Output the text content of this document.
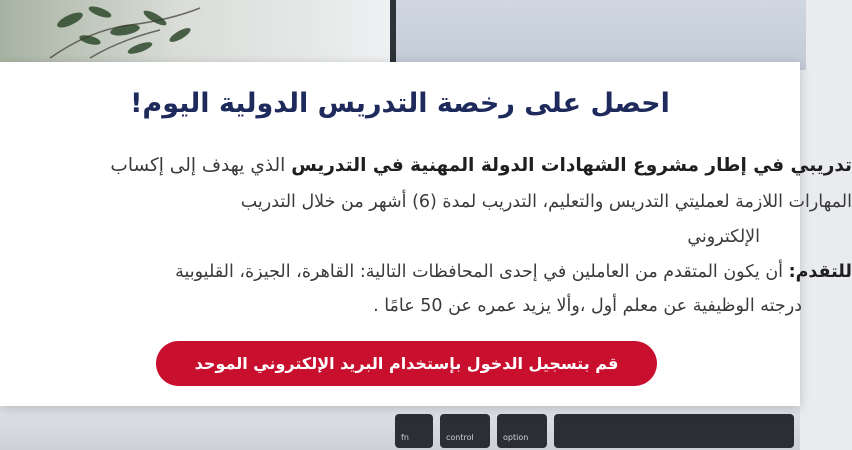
fn	control	option
احصل على رخصة التدريس الدولية اليوم!
تدريبي في إطار مشروع الشهادات الدولة المهنية في التدريس الذي يهدف إلى إكساب
المهارات اللازمة لعمليتي التدريس والتعليم، التدريب لمدة (6) أشهر من خلال التدريب
الإلكتروني
للتقدم: أن يكون المتقدم من العاملين في إحدى المحافظات التالية: القاهرة، الجيزة، القليوبية
درجته الوظيفية عن معلم أول ،وألا يزيد عمره عن 50 عامًا .
قم بتسجيل الدخول بإستخدام البريد الإلكتروني الموحد
